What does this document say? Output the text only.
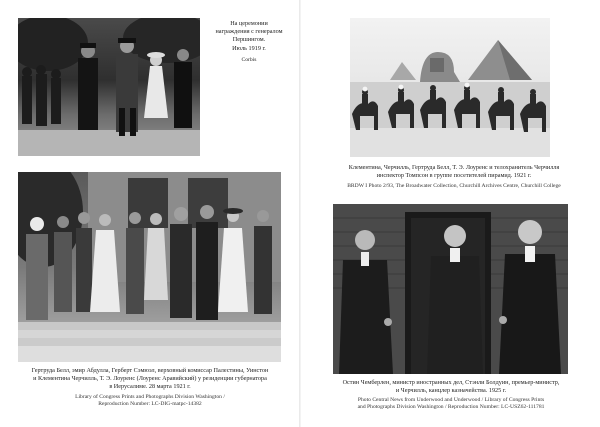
На церемонии
награждения с генералом
Першингом.
Июль 1919 г.
Corbis
Гертруда Белл, эмир Абдулла, Герберт Сэмюэл, верховный комиссар Палестины, Уинстон
и Клементина Черчилль, Т. Э. Лоуренс (Лоуренс Аравийский) у резиденции губернатора
в Иерусалиме. 28 марта 1921 г.
Library of Congress Prints and Photographs Division Washington /
Reproduction Number: LC-DIG-matpc-14382
Клементина, Черчилль, Гертруда Белл, Т. Э. Лоуренс и телохранитель Черчилля инспектор Томпсон в группе посетителей пирамид. 1921 г.
BRDW I Photo 2/93, The Broadwater Collection, Churchill Archives Centre, Churchill College
Остин Чемберлен, министр иностранных дел, Стэнли Болдуин, премьер-министр,
и Черчилль, канцлер казначейства. 1925 г.
Photo Central News from Underwood and Underwood / Library of Congress Prints
and Photographs Division Washington / Reproduction Number: LC-USZ62-111781
